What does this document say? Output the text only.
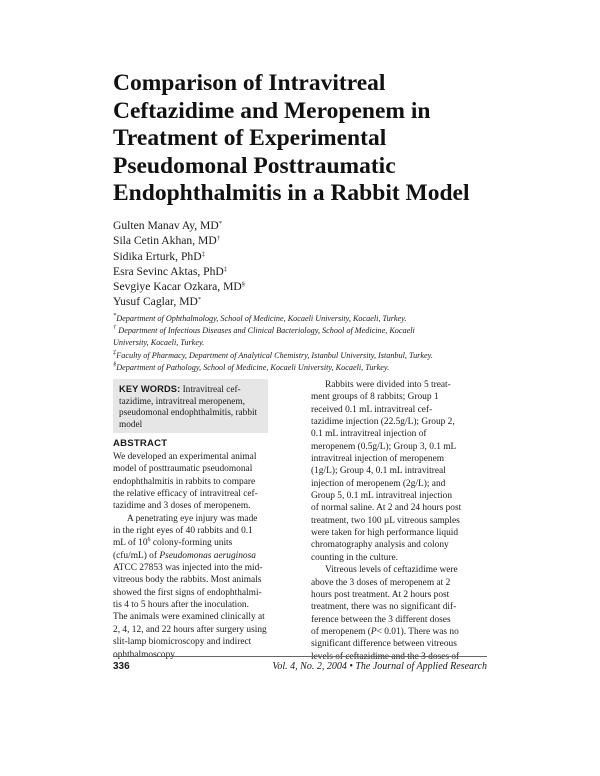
Comparison of Intravitreal
Ceftazidime and Meropenem in
Treatment of Experimental
Pseudomonal Posttraumatic
Endophthalmitis in a Rabbit Model
Gulten Manav Ay, MD*
Sila Cetin Akhan, MD†
Sidika Erturk, PhD‡
Esra Sevinc Aktas, PhD‡
Sevgiye Kacar Ozkara, MD§
Yusuf Caglar, MD*

*Department of Ophthalmology, School of Medicine, Kocaeli University, Kocaeli, Turkey.

† Department of Infectious Diseases and Clinical Bacteriology, School of Medicine, Kocaeli
University, Kocaeli, Turkey.

‡Faculty of Pharmacy, Department of Analytical Chemistry, Istanbul University, Istanbul, Turkey.

§Department of Pathology, School of Medicine, Kocaeli University, Kocaeli, Turkey.

KEY WORDS: Intravitreal cef-
tazidime, intravitreal meropenem,
pseudomonal endophthalmitis, rabbit
model
ABSTRACT

We developed an experimental animal
model of posttraumatic pseudomonal
endophthalmitis in rabbits to compare
the relative efficacy of intravitreal cef-
tazidime and 3 doses of meropenem.

A penetrating eye injury was made
in the right eyes of 40 rabbits and 0.1
mL of $10^6$ colony-forming units
(cfu/mL) of Pseudomonas aeruginosa
ATCC 27853 was injected into the mid-
vitreous body the rabbits. Most animals
showed the first signs of endophthalmi-
tis 4 to 5 hours after the inoculation.
The animals were examined clinically at
2, 4, 12, and 22 hours after surgery using
slit-lamp biomicroscopy and indirect
ophthalmoscopy.

Rabbits were divided into 5 treat-
ment groups of 8 rabbits; Group 1
received 0.1 mL intravitreal cef-
tazidime injection (22.5g/L); Group 2,
0.1 mL intravitreal injection of
meropenem (0.5g/L); Group 3, 0.1 mL
intravitreal injection of meropenem
(1g/L); Group 4, 0.1 mL intravitreal
injection of meropenem (2g/L); and
Group 5, 0.1 mL intravitreal injection
of normal saline. At 2 and 24 hours post
treatment, two 100 µL vitreous samples
were taken for high performance liquid
chromatography analysis and colony
counting in the culture.

Vitreous levels of ceftazidime were
above the 3 doses of meropenem at 2
hours post treatment. At 2 hours post
treatment, there was no significant dif-
ference between the 3 different doses
of meropenem (P< 0.01). There was no
significant difference between vitreous
levels of ceftazidime and the 3 doses of

336	Vol. 4, No. 2, 2004 • The Journal of Applied Research
